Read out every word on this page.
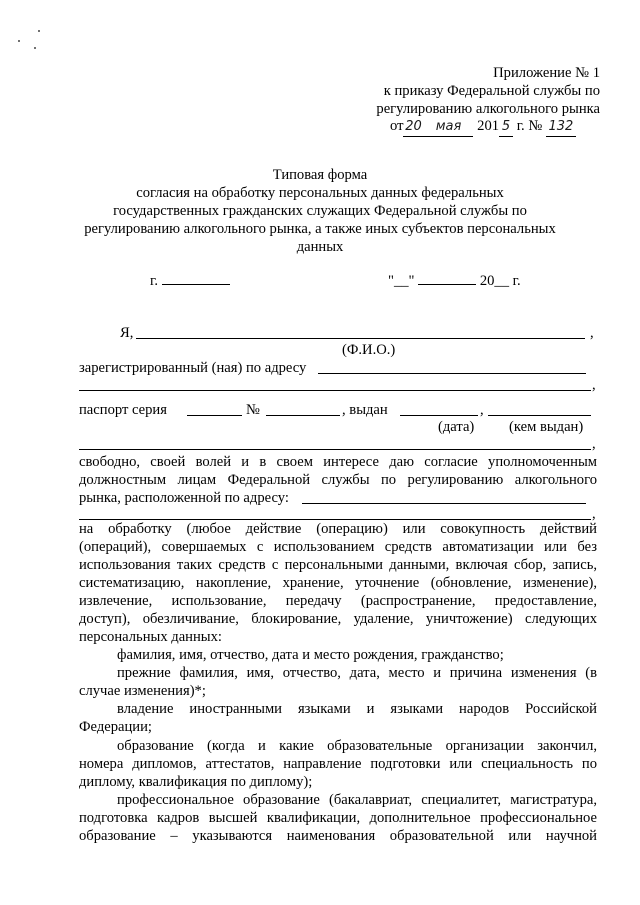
Приложение № 1
к приказу Федеральной службы по
регулированию алкогольного рынка
от 20 мая 201 5 г. № 132
Типовая форма
согласия на обработку персональных данных федеральных
государственных гражданских служащих Федеральной службы по
регулированию алкогольного рынка, а также иных субъектов персональных
данных
г.	"__"	20__ г.
Я,	,
(Ф.И.О.)
зарегистрированный (ная) по адресу
,
паспорт серия	№	, выдан	,
(дата) (кем выдан)
,
свободно, своей волей и в своем интересе даю согласие уполномоченным
должностным лицам Федеральной службы по регулированию алкогольного
рынка, расположенной по адресу:
,
на обработку (любое действие (операцию) или совокупность действий
(операций), совершаемых с использованием средств автоматизации или без
использования таких средств с персональными данными, включая сбор, запись,
систематизацию, накопление, хранение, уточнение (обновление, изменение),
извлечение, использование, передачу (распространение, предоставление,
доступ), обезличивание, блокирование, удаление, уничтожение) следующих
персональных данных:
фамилия, имя, отчество, дата и место рождения, гражданство;
прежние фамилия, имя, отчество, дата, место и причина изменения (в
случае изменения)*;
владение иностранными языками и языками народов Российской
Федерации;
образование (когда и какие образовательные организации закончил,
номера дипломов, аттестатов, направление подготовки или специальность по
диплому, квалификация по диплому);
профессиональное образование (бакалавриат, специалитет, магистратура,
подготовка кадров высшей квалификации, дополнительное профессиональное
образование – указываются наименования образовательной или научной
